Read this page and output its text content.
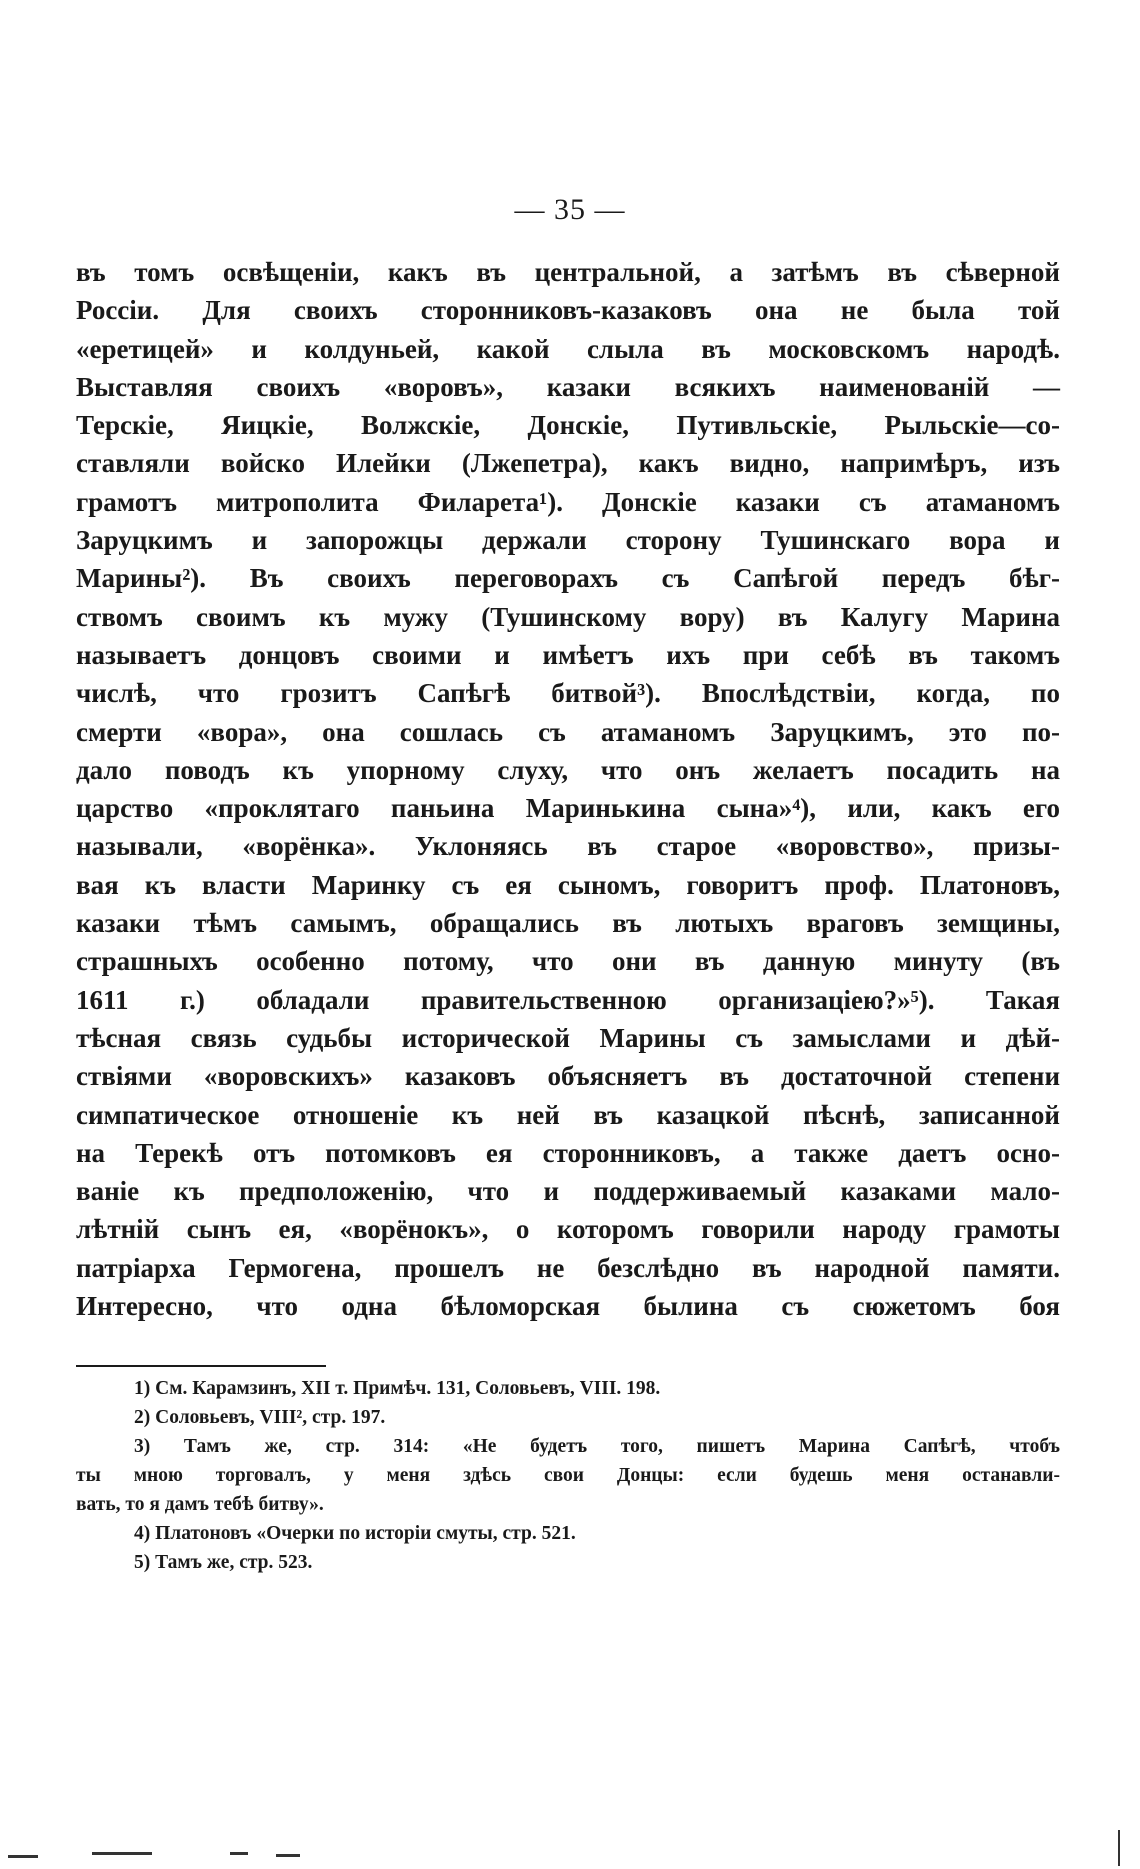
— 35 —
въ томъ освѣщеніи, какъ въ центральной, а затѣмъ въ сѣверной
Россіи. Для своихъ сторонниковъ-казаковъ она не была той
«еретицей» и колдуньей, какой слыла въ московскомъ народѣ.
Выставляя своихъ «воровъ», казаки всякихъ наименованій —
Терскіе, Яицкіе, Волжскіе, Донскіе, Путивльскіе, Рыльскіе—со-
ставляли войско Илейки (Лжепетра), какъ видно, напримѣръ, изъ
грамотъ митрополита Филарета¹). Донскіе казаки съ атаманомъ
Заруцкимъ и запорожцы держали сторону Тушинскаго вора и
Марины²). Въ своихъ переговорахъ съ Сапѣгой передъ бѣг-
ствомъ своимъ къ мужу (Тушинскому вору) въ Калугу Марина
называетъ донцовъ своими и имѣетъ ихъ при себѣ въ такомъ
числѣ, что грозитъ Сапѣгѣ битвой³). Впослѣдствіи, когда, по
смерти «вора», она сошлась съ атаманомъ Заруцкимъ, это по-
дало поводъ къ упорному слуху, что онъ желаетъ посадить на
царство «проклятаго паньина Маринькина сына»⁴), или, какъ его
называли, «ворёнка». Уклоняясь въ старое «воровство», призы-
вая къ власти Маринку съ ея сыномъ, говоритъ проф. Платоновъ,
казаки тѣмъ самымъ, обращались въ лютыхъ враговъ земщины,
страшныхъ особенно потому, что они въ данную минуту (въ
1611 г.) обладали правительственною организаціею?»⁵). Такая
тѣсная связь судьбы исторической Марины съ замыслами и дѣй-
ствіями «воровскихъ» казаковъ объясняетъ въ достаточной степени
симпатическое отношеніе къ ней въ казацкой пѣснѣ, записанной
на Терекѣ отъ потомковъ ея сторонниковъ, а также даетъ осно-
ваніе къ предположенію, что и поддерживаемый казаками мало-
лѣтній сынъ ея, «ворёнокъ», о которомъ говорили народу грамоты
патріарха Гермогена, прошелъ не безслѣдно въ народной памяти.
Интересно, что одна бѣломорская былина съ сюжетомъ боя
1) См. Карамзинъ, XII т. Примѣч. 131, Соловьевъ, VIII. 198.
2) Соловьевъ, VIII², стр. 197.
3) Тамъ же, стр. 314: «Не будетъ того, пишетъ Марина Сапѣгѣ, чтобъ
ты мною торговалъ, у меня здѣсь свои Донцы: если будешь меня останавли-
вать, то я дамъ тебѣ битву».
4) Платоновъ «Очерки по исторіи смуты, стр. 521.
5) Тамъ же, стр. 523.
